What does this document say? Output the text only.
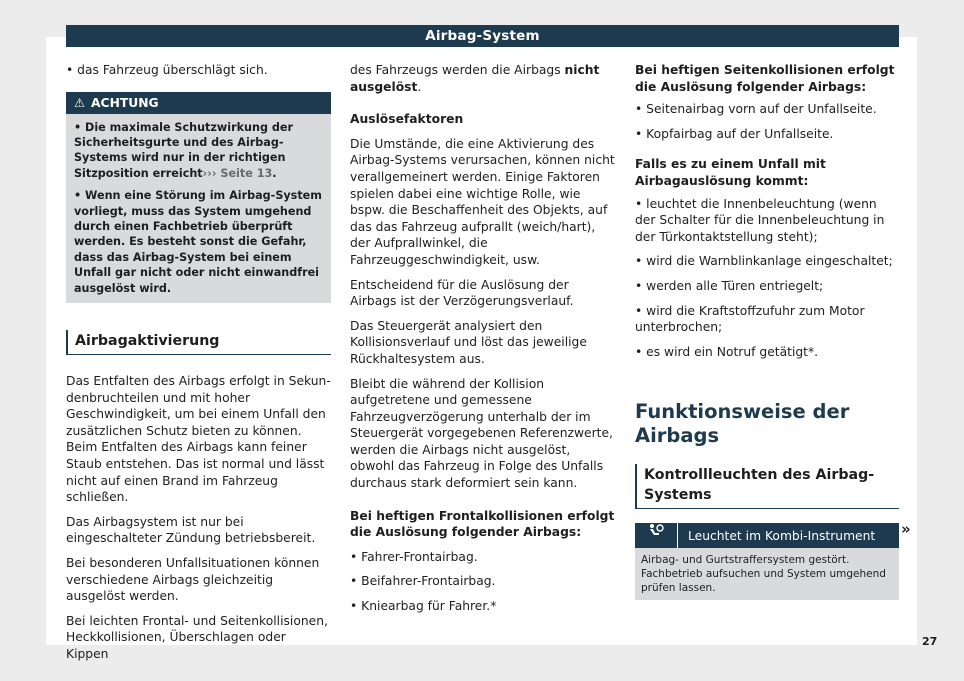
Airbag-System

• das Fahrzeug überschlägt sich.

⚠ ACHTUNG

• Die maximale Schutzwirkung der Sicherheitsgurte und des Airbag-Systems wird nur in der richtigen Sitzposition erreicht››› Seite 13.

• Wenn eine Störung im Airbag-System vorliegt, muss das System umgehend durch einen Fachbetrieb überprüft werden. Es besteht sonst die Gefahr, dass das Airbag-System bei einem Unfall gar nicht oder nicht einwandfrei ausgelöst wird.

Airbagaktivierung

Das Entfalten des Airbags erfolgt in Sekundenbruchteilen und mit hoher Geschwindigkeit, um bei einem Unfall den zusätzlichen Schutz bieten zu können. Beim Entfalten des Airbags kann feiner Staub entstehen. Das ist normal und lässt nicht auf einen Brand im Fahrzeug schließen.

Das Airbagsystem ist nur bei eingeschalteter Zündung betriebsbereit.

Bei besonderen Unfallsituationen können verschiedene Airbags gleichzeitig ausgelöst werden.

Bei leichten Frontal- und Seitenkollisionen, Heckkollisionen, Überschlagen oder Kippen

des Fahrzeugs werden die Airbags nicht ausgelöst.

Auslösefaktoren

Die Umstände, die eine Aktivierung des Airbag-Systems verursachen, können nicht verallgemeinert werden. Einige Faktoren spielen dabei eine wichtige Rolle, wie bspw. die Beschaffenheit des Objekts, auf das das Fahrzeug aufprallt (weich/hart), der Aufprallwinkel, die Fahrzeuggeschwindigkeit, usw.

Entscheidend für die Auslösung der Airbags ist der Verzögerungsverlauf.

Das Steuergerät analysiert den Kollisionsverlauf und löst das jeweilige Rückhaltesystem aus.

Bleibt die während der Kollision aufgetretene und gemessene Fahrzeugverzögerung unterhalb der im Steuergerät vorgegebenen Referenzwerte, werden die Airbags nicht ausgelöst, obwohl das Fahrzeug in Folge des Unfalls durchaus stark deformiert sein kann.

Bei heftigen Frontalkollisionen erfolgt die Auslösung folgender Airbags:

• Fahrer-Frontairbag.

• Beifahrer-Frontairbag.

• Kniearbag für Fahrer.*

Bei heftigen Seitenkollisionen erfolgt die Auslösung folgender Airbags:

• Seitenairbag vorn auf der Unfallseite.

• Kopfairbag auf der Unfallseite.

Falls es zu einem Unfall mit Airbagauslösung kommt:

• leuchtet die Innenbeleuchtung (wenn der Schalter für die Innenbeleuchtung in der Türkontaktstellung steht);

• wird die Warnblinkanlage eingeschaltet;

• werden alle Türen entriegelt;

• wird die Kraftstoffzufuhr zum Motor unterbrochen;

• es wird ein Notruf getätigt*.

Funktionsweise der Airbags
Kontrollleuchten des Airbag-Systems
Leuchtet im Kombi-Instrument
Airbag- und Gurtstraffersystem gestört.
Fachbetrieb aufsuchen und System umgehend prüfen lassen.
»
27
